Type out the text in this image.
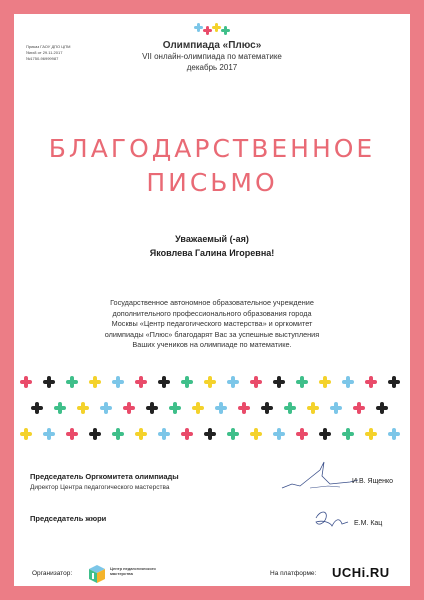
Приказ ГАОУ ДПО ЦПМ
№xx8 от 29.11.2017
№1750-96999987
Олимпиада «Плюс»
VII онлайн-олимпиада по математике
декабрь 2017
БЛАГОДАРСТВЕННОЕ
ПИСЬМО
Уважаемый (-ая)
Яковлева Галина Игоревна!
Государственное автономное образовательное учреждение
дополнительного профессионального образования города
Москвы «Центр педагогического мастерства» и оргкомитет
олимпиады «Плюс» благодарят Вас за успешные выступления
Ваших учеников на олимпиаде по математике.
Председатель Оргкомитета олимпиады
Директор Центра педагогического мастерства
И.В. Ященко
Председатель жюри
Е.М. Кац
Организатор:
Центр педагогического мастерства	На платформе: UCHi.RU
